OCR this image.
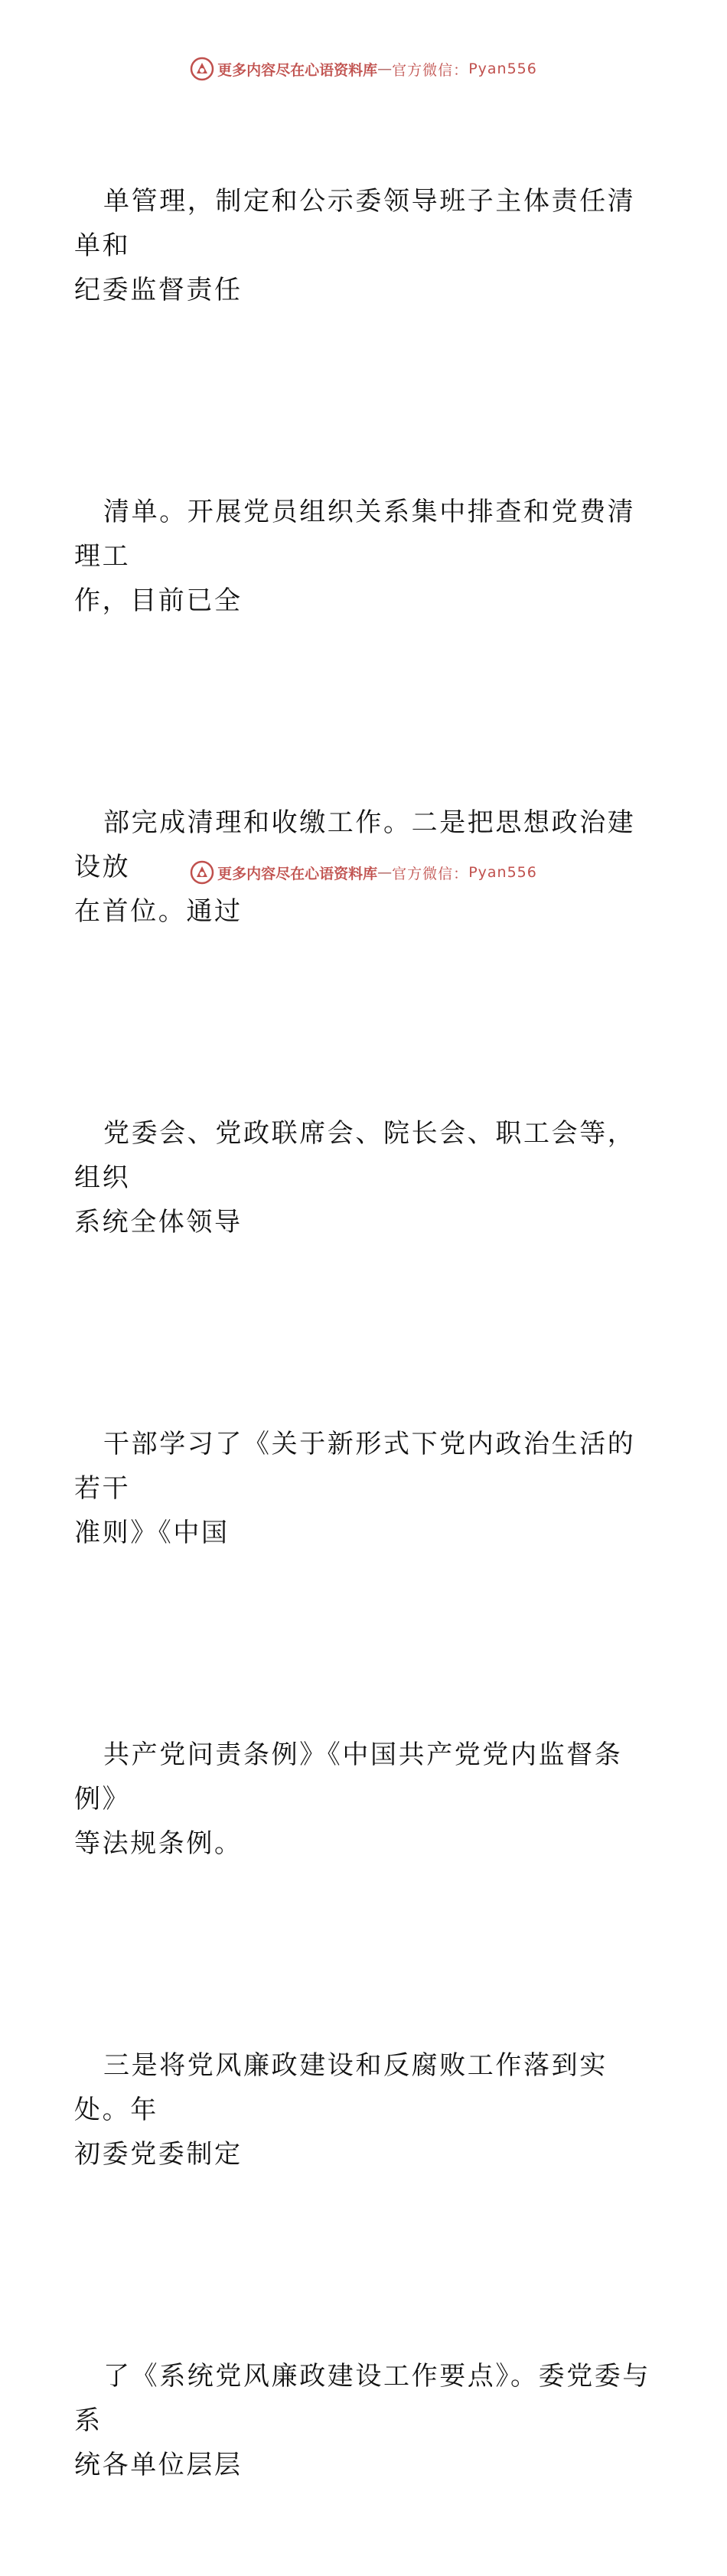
更多内容尽在心语资料库 — 官方微信： Pyan556

单管理，制定和公示委领导班子主体责任清单和
纪委监督责任

清单。开展党员组织关系集中排查和党费清理工
作，目前已全

部完成清理和收缴工作。二是把思想政治建设放
在首位。通过

党委会、党政联席会、院长会、职工会等，组织
系统全体领导

干部学习了《关于新形式下党内政治生活的若干
准则》《中国

共产党问责条例》《中国共产党党内监督条例》
等法规条例。

三是将党风廉政建设和反腐败工作落到实处。年
初委党委制定

了《系统党风廉政建设工作要点》。委党委与系
统各单位层层

更多内容尽在心语资料库 — 官方微信： Pyan556
